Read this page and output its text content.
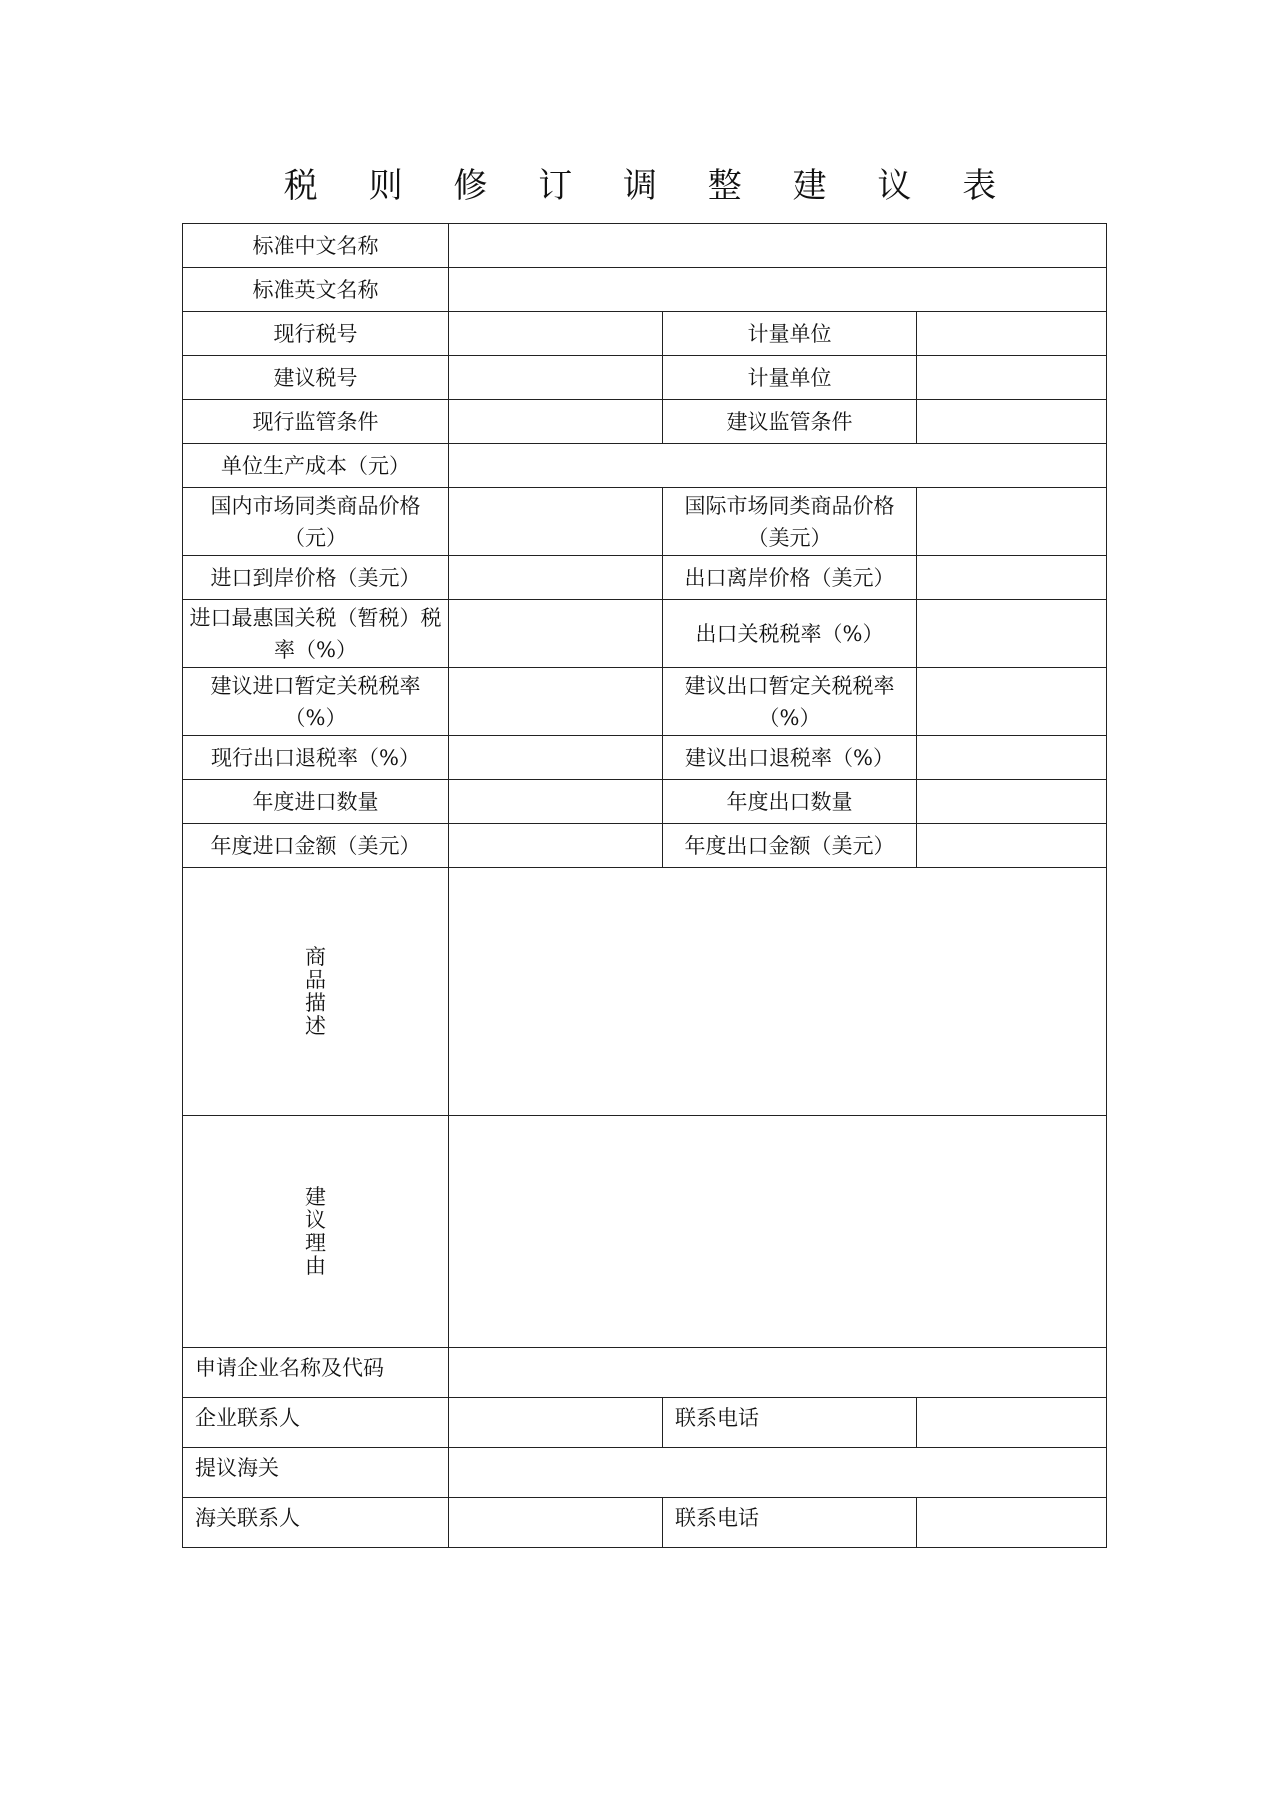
税 则 修 订 调 整 建 议 表
标准中文名称			
标准英文名称			
现行税号		计量单位	
建议税号		计量单位	
现行监管条件		建议监管条件	
单位生产成本（元）			
国内市场同类商品价格（元）		国际市场同类商品价格（美元）	
进口到岸价格（美元）		出口离岸价格（美元）	
进口最惠国关税（暂税）税率（%）		出口关税税率（%）	
建议进口暂定关税税率（%）		建议出口暂定关税税率（%）	
现行出口退税率（%）		建议出口退税率（%）	
年度进口数量		年度出口数量	
年度进口金额（美元）		年度出口金额（美元）	
商品描述			
建议理由			
申请企业名称及代码			
企业联系人		联系电话	
提议海关			
海关联系人		联系电话	
